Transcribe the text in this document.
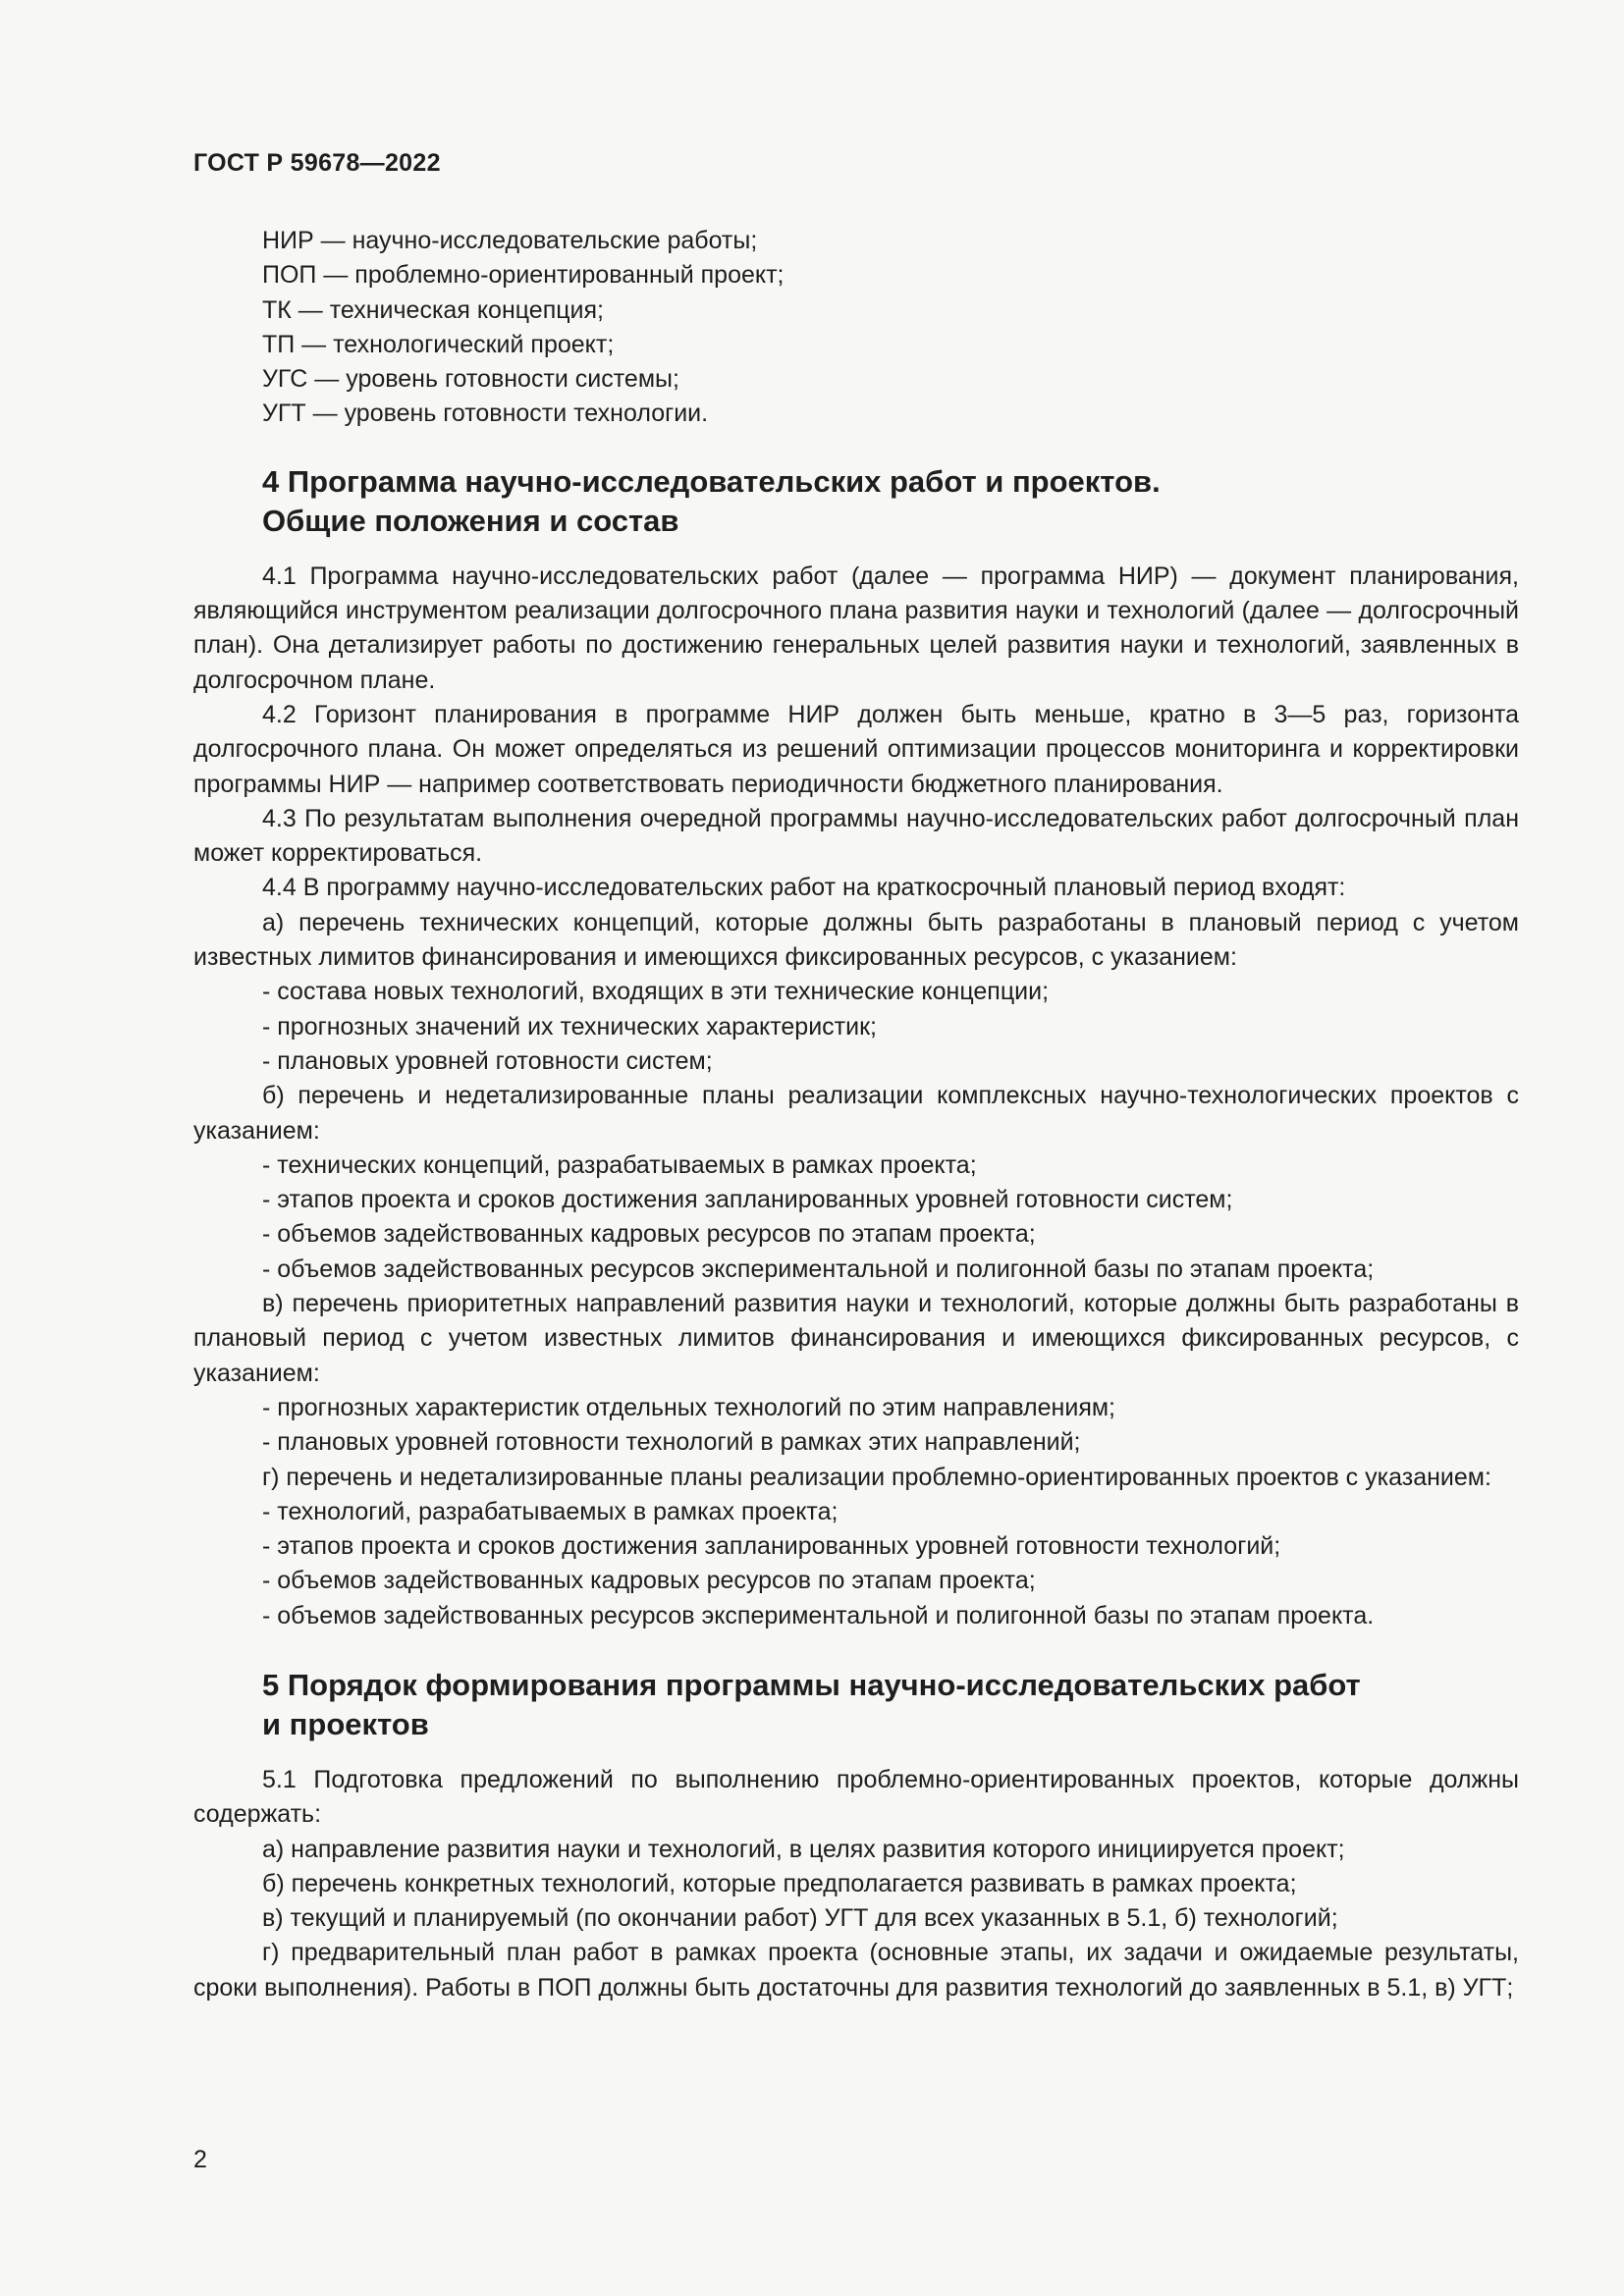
ГОСТ Р 59678—2022

НИР — научно-исследовательские работы;

ПОП — проблемно-ориентированный проект;

ТК — техническая концепция;

ТП — технологический проект;

УГС — уровень готовности системы;

УГТ — уровень готовности технологии.

4 Программа научно-исследовательских работ и проектов.
Общие положения и состав

4.1 Программа научно-исследовательских работ (далее — программа НИР) — документ планирования, являющийся инструментом реализации долгосрочного плана развития науки и технологий (далее — долгосрочный план). Она детализирует работы по достижению генеральных целей развития науки и технологий, заявленных в долгосрочном плане.

4.2 Горизонт планирования в программе НИР должен быть меньше, кратно в 3—5 раз, горизонта долгосрочного плана. Он может определяться из решений оптимизации процессов мониторинга и корректировки программы НИР — например соответствовать периодичности бюджетного планирования.

4.3 По результатам выполнения очередной программы научно-исследовательских работ долгосрочный план может корректироваться.

4.4 В программу научно-исследовательских работ на краткосрочный плановый период входят:

а) перечень технических концепций, которые должны быть разработаны в плановый период с учетом известных лимитов финансирования и имеющихся фиксированных ресурсов, с указанием:

- состава новых технологий, входящих в эти технические концепции;

- прогнозных значений их технических характеристик;

- плановых уровней готовности систем;

б) перечень и недетализированные планы реализации комплексных научно-технологических проектов с указанием:

- технических концепций, разрабатываемых в рамках проекта;

- этапов проекта и сроков достижения запланированных уровней готовности систем;

- объемов задействованных кадровых ресурсов по этапам проекта;

- объемов задействованных ресурсов экспериментальной и полигонной базы по этапам проекта;

в) перечень приоритетных направлений развития науки и технологий, которые должны быть разработаны в плановый период с учетом известных лимитов финансирования и имеющихся фиксированных ресурсов, с указанием:

- прогнозных характеристик отдельных технологий по этим направлениям;

- плановых уровней готовности технологий в рамках этих направлений;

г) перечень и недетализированные планы реализации проблемно-ориентированных проектов с указанием:

- технологий, разрабатываемых в рамках проекта;

- этапов проекта и сроков достижения запланированных уровней готовности технологий;

- объемов задействованных кадровых ресурсов по этапам проекта;

- объемов задействованных ресурсов экспериментальной и полигонной базы по этапам проекта.

5 Порядок формирования программы научно-исследовательских работ
и проектов

5.1 Подготовка предложений по выполнению проблемно-ориентированных проектов, которые должны содержать:

а) направление развития науки и технологий, в целях развития которого инициируется проект;

б) перечень конкретных технологий, которые предполагается развивать в рамках проекта;

в) текущий и планируемый (по окончании работ) УГТ для всех указанных в 5.1, б) технологий;

г) предварительный план работ в рамках проекта (основные этапы, их задачи и ожидаемые результаты, сроки выполнения). Работы в ПОП должны быть достаточны для развития технологий до заявленных в 5.1, в) УГТ;

2
